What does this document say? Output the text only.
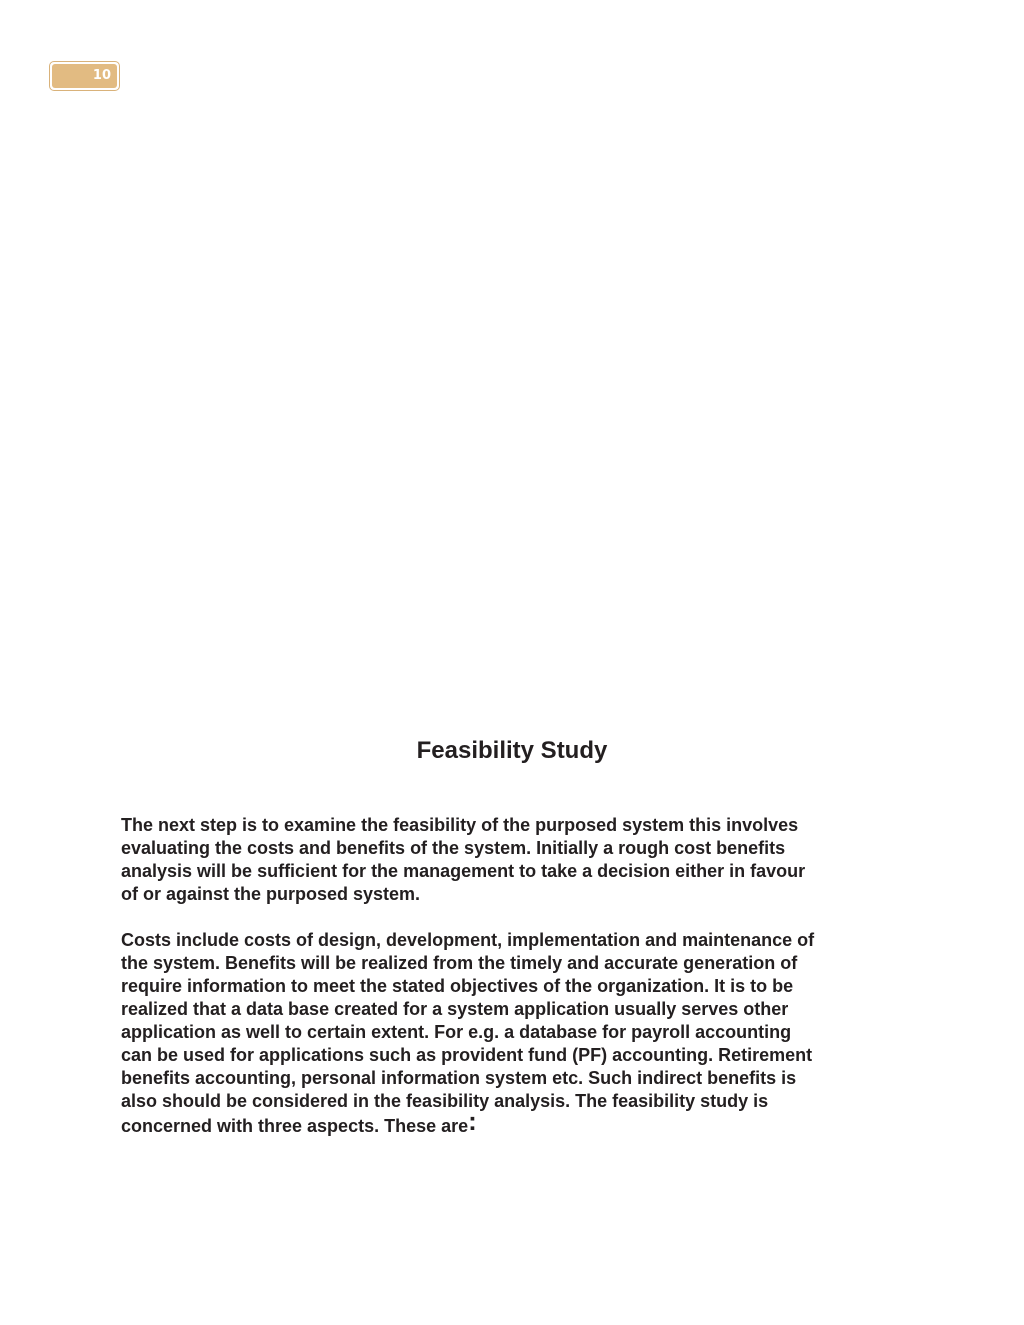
10
Feasibility Study

The next step is to examine the feasibility of the purposed system this involves
evaluating the costs and benefits of the system. Initially a rough cost benefits
analysis will be sufficient for the management to take a decision either in favour
of or against the purposed system.

Costs include costs of design, development, implementation and maintenance of
the system. Benefits will be realized from the timely and accurate generation of
require information to meet the stated objectives of the organization. It is to be
realized that a data base created for a system application usually serves other
application as well to certain extent. For e.g. a database for payroll accounting
can be used for applications such as provident fund (PF) accounting. Retirement
benefits accounting, personal information system etc. Such indirect benefits is
also should be considered in the feasibility analysis. The feasibility study is
concerned with three aspects. These are:
